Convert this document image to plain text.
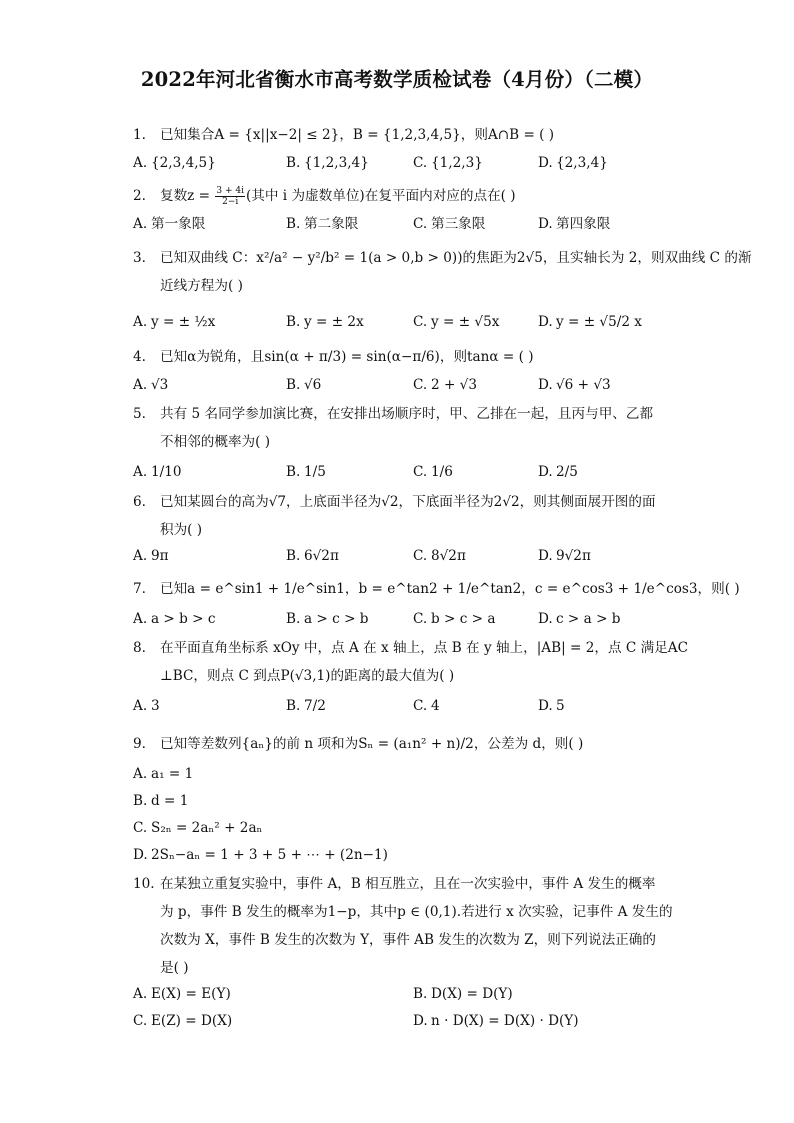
2022年河北省衡水市高考数学质检试卷（4月份）（二模）
1. 已知集合A = {x||x−2| ≤ 2}，B = {1,2,3,4,5}，则A∩B = ( )
A. {2,3,4,5}	B. {1,2,3,4}	C. {1,2,3}	D. {2,3,4}
2. 复数$z = \frac{3 + 4i}{2-i}$ (其中 i 为虚数单位)在复平面内对应的点在( )
A. 第一象限	B. 第二象限	C. 第三象限	D. 第四象限
3. 已知双曲线 C：x²/a² − y²/b² = 1(a > 0,b > 0))的焦距为2√5，且实轴长为 2，则双曲线 C 的渐
近线方程为( )
A. y = ± ½x	B. y = ± 2x	C. y = ± √5x	D. y = ± √5/2 x
4. 已知α为锐角，且sin(α + π/3) = sin(α−π/6)，则tanα = ( )
A. √3	B. √6	C. 2 + √3	D. √6 + √3
5. 共有 5 名同学参加演比赛，在安排出场顺序时，甲、乙排在一起，且丙与甲、乙都
不相邻的概率为( )
A. 1/10	B. 1/5	C. 1/6	D. 2/5
6. 已知某圆台的高为√7，上底面半径为√2，下底面半径为2√2，则其侧面展开图的面
积为( )
A. 9π	B. 6√2π	C. 8√2π	D. 9√2π
7. 已知a = e^sin1 + 1/e^sin1，b = e^tan2 + 1/e^tan2，c = e^cos3 + 1/e^cos3，则( )
A. a > b > c	B. a > c > b	C. b > c > a	D. c > a > b
8. 在平面直角坐标系 xOy 中，点 A 在 x 轴上，点 B 在 y 轴上，|AB| = 2，点 C 满足AC
⊥BC，则点 C 到点P(√3,1)的距离的最大值为( )
A. 3	B. 7/2	C. 4	D. 5
9. 已知等差数列{aₙ}的前 n 项和为Sₙ = (a₁n² + n)/2，公差为 d，则( )
A. a₁ = 1
B. d = 1
C. S₂ₙ = 2aₙ² + 2aₙ
D. 2Sₙ−aₙ = 1 + 3 + 5 + ⋯ + (2n−1)
10. 在某独立重复实验中，事件 A，B 相互胜立，且在一次实验中，事件 A 发生的概率
为 p，事件 B 发生的概率为1−p，其中p ∈ (0,1).若进行 x 次实验，记事件 A 发生的
次数为 X，事件 B 发生的次数为 Y，事件 AB 发生的次数为 Z，则下列说法正确的
是( )
A. E(X) = E(Y)	B. D(X) = D(Y)
C. E(Z) = D(X)	D. n · D(X) = D(X) · D(Y)
